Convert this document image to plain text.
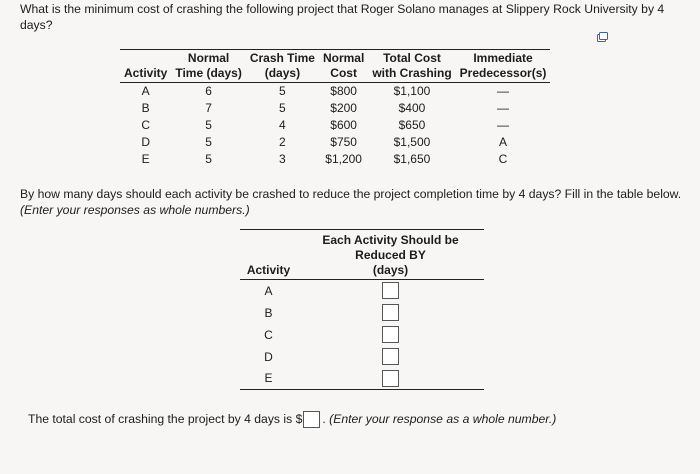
What is the minimum cost of crashing the following project that Roger Solano manages at Slippery Rock University by 4 days?
	Normal	Crash Time	Normal	Total Cost	Immediate
Activity	Time (days)	(days)	Cost	with Crashing	Predecessor(s)
A	6	5	$800	$1,100	—
B	7	5	$200	$400	—
C	5	4	$600	$650	—
D	5	2	$750	$1,500	A
E	5	3	$1,200	$1,650	C
By how many days should each activity be crashed to reduce the project completion time by 4 days? Fill in the table below. (Enter your responses as whole numbers.)
Activity	Each Activity Should be
Reduced BY
(days)

A	
B	
C	
D	
E	
The total cost of crashing the project by 4 days is $ . (Enter your response as a whole number.)
